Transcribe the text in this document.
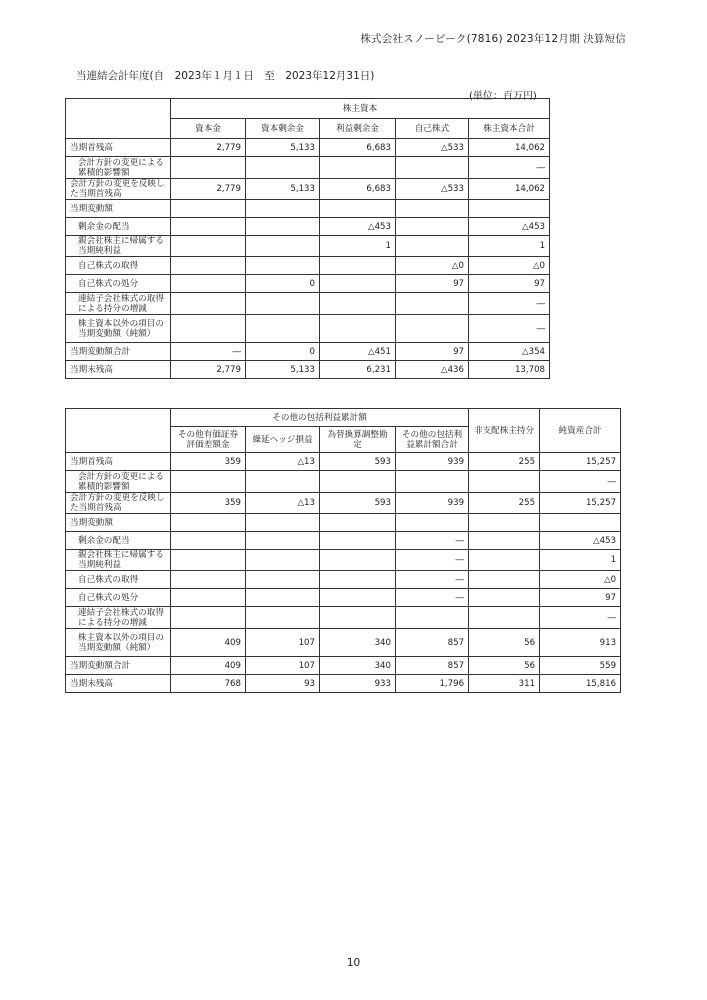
株式会社スノーピーク(7816) 2023年12月期 決算短信
当連結会計年度(自　2023年１月１日　至　2023年12月31日)
(単位：百万円)
	株主資本				
	資本金	資本剰余金	利益剰余金	自己株式	株主資本合計
当期首残高	2,779	5,133	6,683	△533	14,062
会計方針の変更による累積的影響額					―
会計方針の変更を反映した当期首残高	2,779	5,133	6,683	△533	14,062
当期変動額					
剰余金の配当			△453		△453
親会社株主に帰属する当期純利益			1		1
自己株式の取得				△0	△0
自己株式の処分		0		97	97
連結子会社株式の取得による持分の増減					―
株主資本以外の項目の当期変動額（純額）					―
当期変動額合計	―	0	△451	97	△354
当期末残高	2,779	5,133	6,231	△436	13,708
	その他の包括利益累計額				非支配株主持分	純資産合計
	その他有価証券評価差額金	繰延ヘッジ損益	為替換算調整勘定	その他の包括利益累計額合計		
当期首残高	359	△13	593	939	255	15,257
会計方針の変更による累積的影響額						―
会計方針の変更を反映した当期首残高	359	△13	593	939	255	15,257
当期変動額						
剰余金の配当				―		△453
親会社株主に帰属する当期純利益				―		1
自己株式の取得				―		△0
自己株式の処分				―		97
連結子会社株式の取得による持分の増減						―
株主資本以外の項目の当期変動額（純額）	409	107	340	857	56	913
当期変動額合計	409	107	340	857	56	559
当期末残高	768	93	933	1,796	311	15,816
10
